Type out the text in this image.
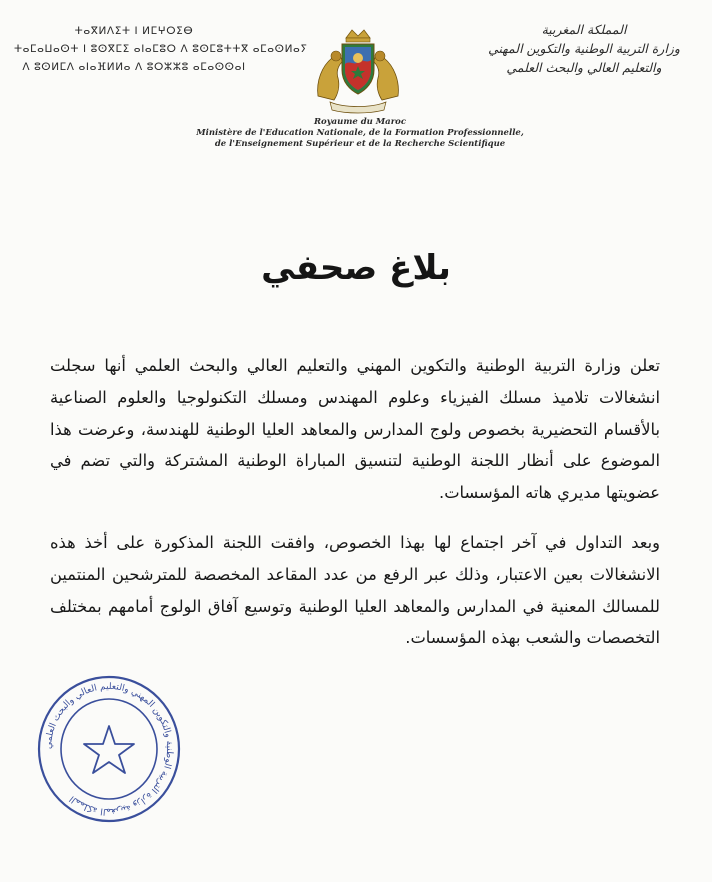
ⵜⴰⴳⵍⴷⵉⵜ ⵏ ⵍⵎⵖⵔⵉⴱ
ⵜⴰⵎⴰⵡⴰⵙⵜ ⵏ ⵓⵙⴳⵎⵉ ⴰⵏⴰⵎⵓⵔ ⴷ ⵓⵙⵎⵓⵜⵜⴳ ⴰⵎⴰⵙⵍⴰⵢ
ⴷ ⵓⵙⵍⵎⴷ ⴰⵏⴰⴼⵍⵍⴰ ⴷ ⵓⵔⵣⵣⵓ ⴰⵎⴰⵙⵙⴰⵏ
المملكة المغربية
وزارة التربية الوطنية والتكوين المهني
والتعليم العالي والبحث العلمي
Royaume du Maroc
Ministère de l'Education Nationale, de la Formation Professionnelle,
de l'Enseignement Supérieur et de la Recherche Scientifique
بلاغ صحفي

تعلن وزارة التربية الوطنية والتكوين المهني والتعليم العالي والبحث العلمي أنها سجلت انشغالات تلاميذ مسلك الفيزياء وعلوم المهندس ومسلك التكنولوجيا والعلوم الصناعية بالأقسام التحضيرية بخصوص ولوج المدارس والمعاهد العليا الوطنية للهندسة، وعرضت هذا الموضوع على أنظار اللجنة الوطنية لتنسيق المباراة الوطنية المشتركة والتي تضم في عضويتها مديري هاته المؤسسات.

وبعد التداول في آخر اجتماع لها بهذا الخصوص، وافقت اللجنة المذكورة على أخذ هذه الانشغالات بعين الاعتبار، وذلك عبر الرفع من عدد المقاعد المخصصة للمترشحين المنتمين للمسالك المعنية في المدارس والمعاهد العليا الوطنية وتوسيع آفاق الولوج أمامهم بمختلف التخصصات والشعب بهذه المؤسسات.

المملكة المغربية وزارة التربية الوطنية والتكوين المهني والتعليم العالي والبحث العلمي
